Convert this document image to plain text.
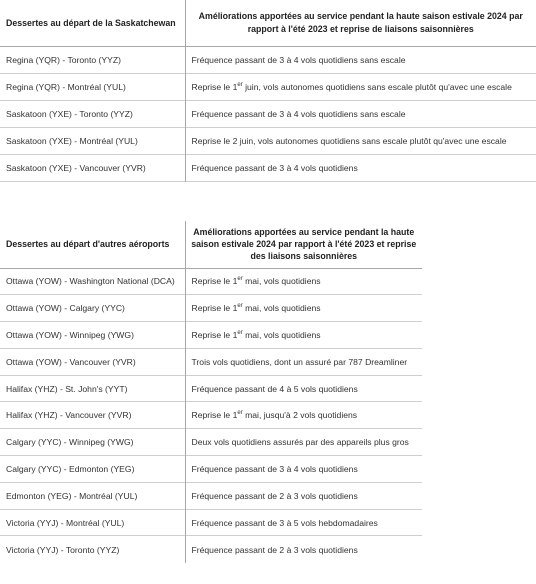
Dessertes au départ de la Saskatchewan	Améliorations apportées au service pendant la haute saison estivale 2024 par rapport à l'été 2023 et reprise de liaisons saisonnières
Regina (YQR) - Toronto (YYZ)	Fréquence passant de 3 à 4 vols quotidiens sans escale
Regina (YQR) - Montréal (YUL)	Reprise le 1er juin, vols autonomes quotidiens sans escale plutôt qu'avec une escale
Saskatoon (YXE) - Toronto (YYZ)	Fréquence passant de 3 à 4 vols quotidiens sans escale
Saskatoon (YXE) - Montréal (YUL)	Reprise le 2 juin, vols autonomes quotidiens sans escale plutôt qu'avec une escale
Saskatoon (YXE) - Vancouver (YVR)	Fréquence passant de 3 à 4 vols quotidiens
Dessertes au départ d'autres aéroports	Améliorations apportées au service pendant la haute saison estivale 2024 par rapport à l'été 2023 et reprise des liaisons saisonnières
Ottawa (YOW) - Washington National (DCA)	Reprise le 1er mai, vols quotidiens
Ottawa (YOW) - Calgary (YYC)	Reprise le 1er mai, vols quotidiens
Ottawa (YOW) - Winnipeg (YWG)	Reprise le 1er mai, vols quotidiens
Ottawa (YOW) - Vancouver (YVR)	Trois vols quotidiens, dont un assuré par 787 Dreamliner
Halifax (YHZ) - St. John's (YYT)	Fréquence passant de 4 à 5 vols quotidiens
Halifax (YHZ) - Vancouver (YVR)	Reprise le 1er mai, jusqu'à 2 vols quotidiens
Calgary (YYC) - Winnipeg (YWG)	Deux vols quotidiens assurés par des appareils plus gros
Calgary (YYC) - Edmonton (YEG)	Fréquence passant de 3 à 4 vols quotidiens
Edmonton (YEG) - Montréal (YUL)	Fréquence passant de 2 à 3 vols quotidiens
Victoria (YYJ) - Montréal (YUL)	Fréquence passant de 3 à 5 vols hebdomadaires
Victoria (YYJ) - Toronto (YYZ)	Fréquence passant de 2 à 3 vols quotidiens
